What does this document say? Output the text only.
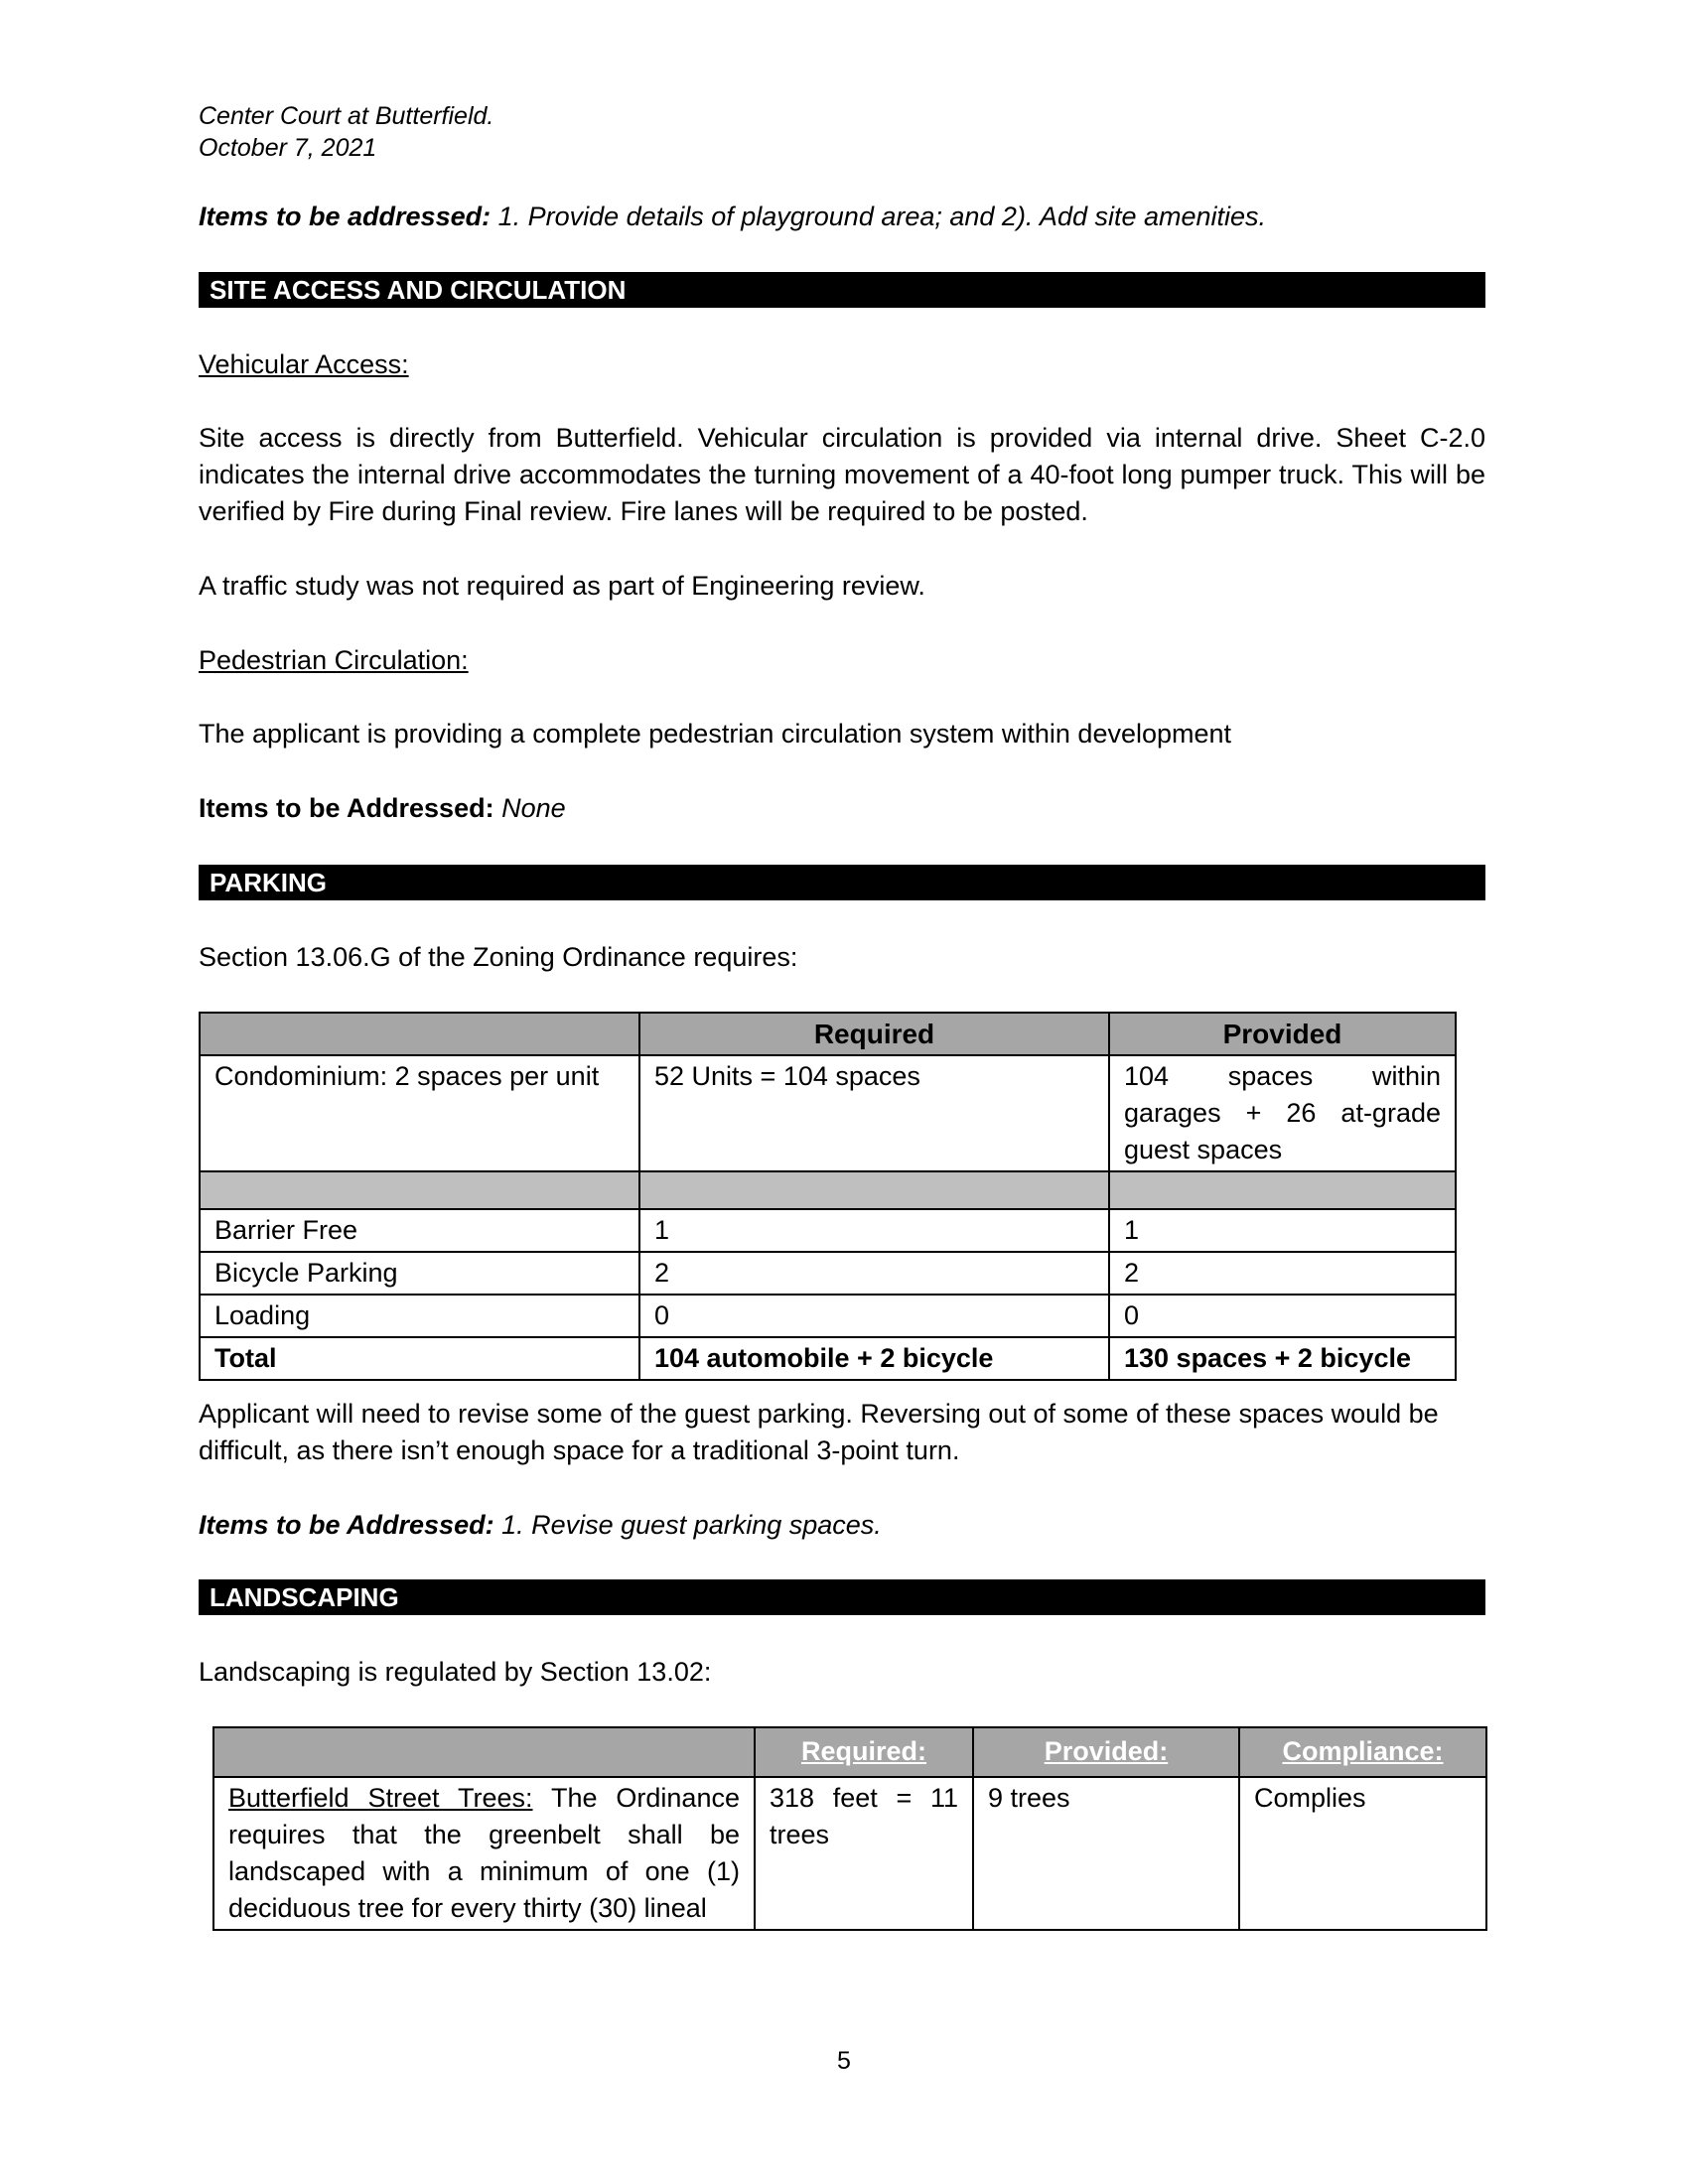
Center Court at Butterfield.
October 7, 2021
Items to be addressed: 1. Provide details of playground area; and 2). Add site amenities.
SITE ACCESS AND CIRCULATION
Vehicular Access:
Site access is directly from Butterfield. Vehicular circulation is provided via internal drive. Sheet C-2.0 indicates the internal drive accommodates the turning movement of a 40-foot long pumper truck. This will be verified by Fire during Final review. Fire lanes will be required to be posted.
A traffic study was not required as part of Engineering review.
Pedestrian Circulation:
The applicant is providing a complete pedestrian circulation system within development
Items to be Addressed: None
PARKING
Section 13.06.G of the Zoning Ordinance requires:
	Required	Provided
Condominium: 2 spaces per unit	52 Units = 104 spaces	104 spaces within garages + 26 at-grade guest spaces

Barrier Free	1	1
Bicycle Parking	2	2
Loading	0	0
Total	104 automobile + 2 bicycle	130 spaces + 2 bicycle
Applicant will need to revise some of the guest parking. Reversing out of some of these spaces would be difficult, as there isn’t enough space for a traditional 3-point turn.
Items to be Addressed: 1. Revise guest parking spaces.
LANDSCAPING
Landscaping is regulated by Section 13.02:
	Required:	Provided:	Compliance:
Butterfield Street Trees: The Ordinance requires that the greenbelt shall be landscaped with a minimum of one (1) deciduous tree for every thirty (30) lineal	318 feet = 11 trees	9 trees	Complies
5
